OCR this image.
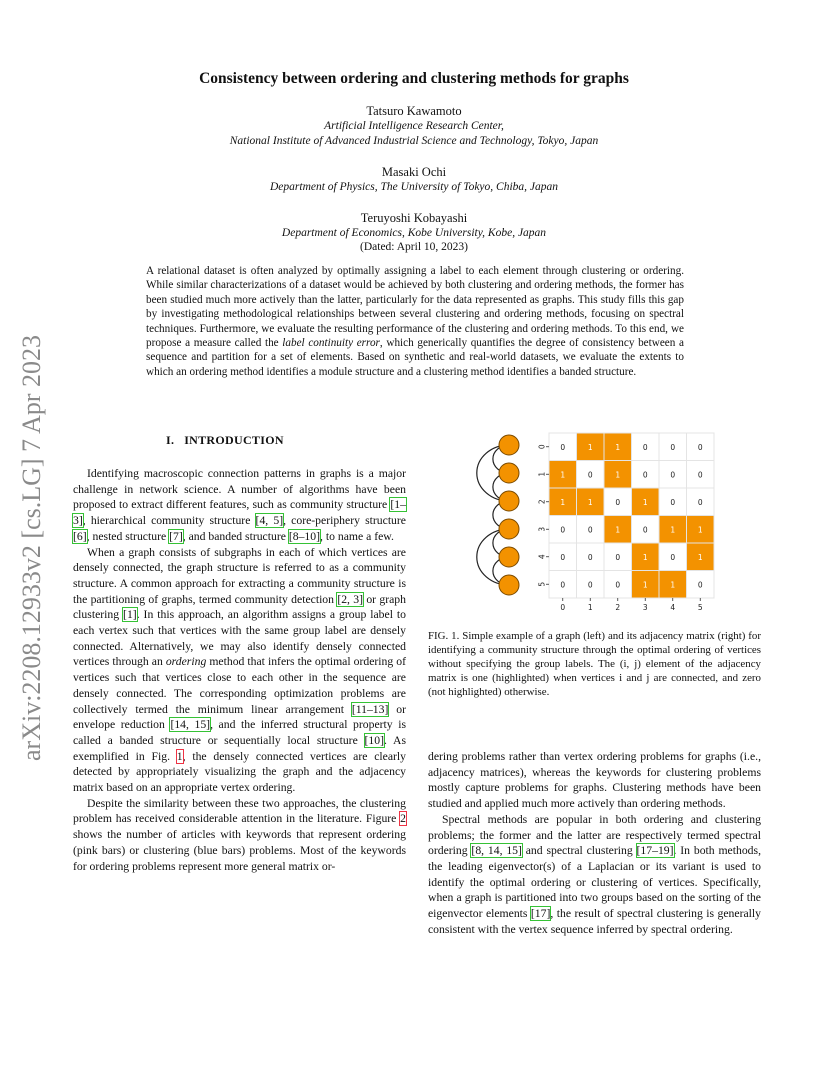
arXiv:2208.12933v2 [cs.LG] 7 Apr 2023
Consistency between ordering and clustering methods for graphs
Tatsuro Kawamoto
Artificial Intelligence Research Center,
National Institute of Advanced Industrial Science and Technology, Tokyo, Japan
Masaki Ochi
Department of Physics, The University of Tokyo, Chiba, Japan
Teruyoshi Kobayashi
Department of Economics, Kobe University, Kobe, Japan
(Dated: April 10, 2023)
A relational dataset is often analyzed by optimally assigning a label to each element through clustering or ordering. While similar characterizations of a dataset would be achieved by both clustering and ordering methods, the former has been studied much more actively than the latter, particularly for the data represented as graphs. This study fills this gap by investigating methodological relationships between several clustering and ordering methods, focusing on spectral techniques. Furthermore, we evaluate the resulting performance of the clustering and ordering methods. To this end, we propose a measure called the label continuity error, which generically quantifies the degree of consistency between a sequence and partition for a set of elements. Based on synthetic and real-world datasets, we evaluate the extents to which an ordering method identifies a module structure and a clustering method identifies a banded structure.
I. INTRODUCTION

Identifying macroscopic connection patterns in graphs is a major challenge in network science. A number of algorithms have been proposed to extract different features, such as community structure [1–3], hierarchical community structure [4, 5], core-periphery structure [6], nested structure [7], and banded structure [8–10], to name a few.

When a graph consists of subgraphs in each of which vertices are densely connected, the graph structure is referred to as a community structure. A common approach for extracting a community structure is the partitioning of graphs, termed community detection [2, 3] or graph clustering [1]. In this approach, an algorithm assigns a group label to each vertex such that vertices with the same group label are densely connected. Alternatively, we may also identify densely connected vertices through an ordering method that infers the optimal ordering of vertices such that vertices close to each other in the sequence are densely connected. The corresponding optimization problems are collectively termed the minimum linear arrangement [11–13] or envelope reduction [14, 15], and the inferred structural property is called a banded structure or sequentially local structure [10]. As exemplified in Fig. 1, the densely connected vertices are clearly detected by appropriately visualizing the graph and the adjacency matrix based on an appropriate vertex ordering.

Despite the similarity between these two approaches, the clustering problem has received considerable attention in the literature. Figure 2 shows the number of articles with keywords that represent ordering (pink bars) or clustering (blue bars) problems. Most of the keywords for ordering problems represent more general matrix or-

0	1	1	0	0	0
1	0	1	0	0	0
1	1	0	1	0	0
0	0	1	0	1	1
0	0	0	1	0	1
0	0	0	1	1	0
0
1
2
3
4
5
0	1	2	3	4	5
FIG. 1. Simple example of a graph (left) and its adjacency matrix (right) for identifying a community structure through the optimal ordering of vertices without specifying the group labels. The (i, j) element of the adjacency matrix is one (highlighted) when vertices i and j are connected, and zero (not highlighted) otherwise.

dering problems rather than vertex ordering problems for graphs (i.e., adjacency matrices), whereas the keywords for clustering problems mostly capture problems for graphs. Clustering methods have been studied and applied much more actively than ordering methods.

Spectral methods are popular in both ordering and clustering problems; the former and the latter are respectively termed spectral ordering [8, 14, 15] and spectral clustering [17–19]. In both methods, the leading eigenvector(s) of a Laplacian or its variant is used to identify the optimal ordering or clustering of vertices. Specifically, when a graph is partitioned into two groups based on the sorting of the eigenvector elements [17], the result of spectral clustering is generally consistent with the vertex sequence inferred by spectral ordering.
